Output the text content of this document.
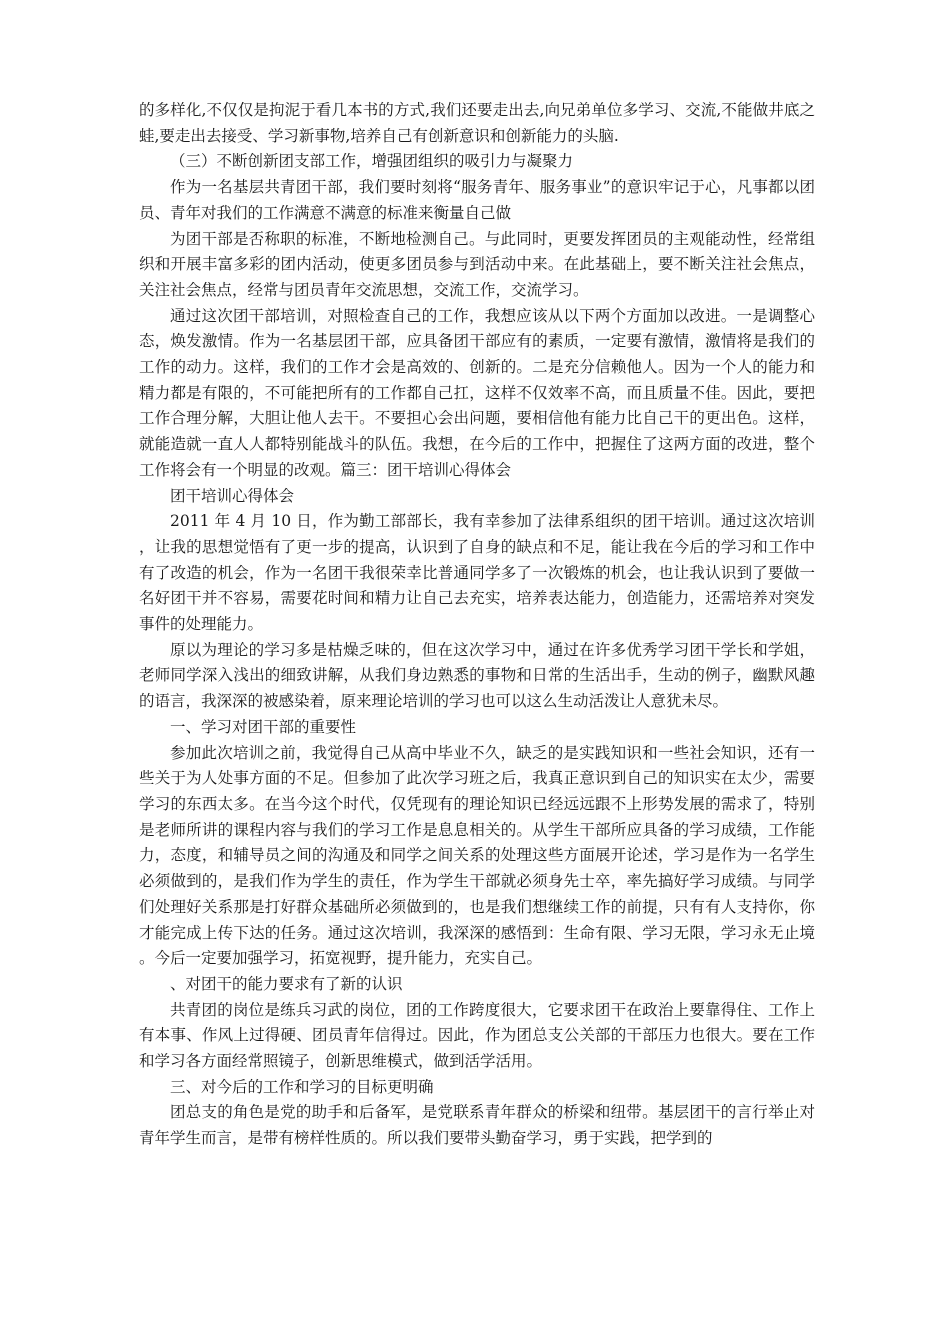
的多样化,不仅仅是拘泥于看几本书的方式,我们还要走出去,向兄弟单位多学习、交流,不能做井底之蛙,要走出去接受、学习新事物,培养自己有创新意识和创新能力的头脑.

（三）不断创新团支部工作，增强团组织的吸引力与凝聚力

作为一名基层共青团干部，我们要时刻将“服务青年、服务事业”的意识牢记于心，凡事都以团员、青年对我们的工作满意不满意的标准来衡量自己做

为团干部是否称职的标准，不断地检测自己。与此同时，更要发挥团员的主观能动性，经常组织和开展丰富多彩的团内活动，使更多团员参与到活动中来。在此基础上，要不断关注社会焦点，关注社会焦点，经常与团员青年交流思想，交流工作，交流学习。

通过这次团干部培训，对照检查自己的工作，我想应该从以下两个方面加以改进。一是调整心态，焕发激情。作为一名基层团干部，应具备团干部应有的素质，一定要有激情，激情将是我们的工作的动力。这样，我们的工作才会是高效的、创新的。二是充分信赖他人。因为一个人的能力和精力都是有限的，不可能把所有的工作都自己扛，这样不仅效率不高，而且质量不佳。因此，要把工作合理分解，大胆让他人去干。不要担心会出问题，要相信他有能力比自己干的更出色。这样，就能造就一直人人都特别能战斗的队伍。我想，在今后的工作中，把握住了这两方面的改进，整个工作将会有一个明显的改观。篇三：团干培训心得体会

团干培训心得体会

2011 年 4 月 10 日，作为勤工部部长，我有幸参加了法律系组织的团干培训。通过这次培训，让我的思想觉悟有了更一步的提高，认识到了自身的缺点和不足，能让我在今后的学习和工作中有了改造的机会，作为一名团干我很荣幸比普通同学多了一次锻炼的机会，也让我认识到了要做一名好团干并不容易，需要花时间和精力让自己去充实，培养表达能力，创造能力，还需培养对突发事件的处理能力。

原以为理论的学习多是枯燥乏味的，但在这次学习中，通过在许多优秀学习团干学长和学姐，老师同学深入浅出的细致讲解，从我们身边熟悉的事物和日常的生活出手，生动的例子，幽默风趣的语言，我深深的被感染着，原来理论培训的学习也可以这么生动活泼让人意犹未尽。

一、学习对团干部的重要性

参加此次培训之前，我觉得自己从高中毕业不久，缺乏的是实践知识和一些社会知识，还有一些关于为人处事方面的不足。但参加了此次学习班之后，我真正意识到自己的知识实在太少，需要学习的东西太多。在当今这个时代，仅凭现有的理论知识已经远远跟不上形势发展的需求了，特别是老师所讲的课程内容与我们的学习工作是息息相关的。从学生干部所应具备的学习成绩，工作能力，态度，和辅导员之间的沟通及和同学之间关系的处理这些方面展开论述，学习是作为一名学生必须做到的，是我们作为学生的责任，作为学生干部就必须身先士卒，率先搞好学习成绩。与同学们处理好关系那是打好群众基础所必须做到的，也是我们想继续工作的前提，只有有人支持你，你才能完成上传下达的任务。通过这次培训，我深深的感悟到：生命有限、学习无限，学习永无止境。今后一定要加强学习，拓宽视野，提升能力，充实自己。

、对团干的能力要求有了新的认识

共青团的岗位是练兵习武的岗位，团的工作跨度很大，它要求团干在政治上要靠得住、工作上有本事、作风上过得硬、团员青年信得过。因此，作为团总支公关部的干部压力也很大。要在工作和学习各方面经常照镜子，创新思维模式，做到活学活用。

三、对今后的工作和学习的目标更明确

团总支的角色是党的助手和后备军，是党联系青年群众的桥梁和纽带。基层团干的言行举止对青年学生而言，是带有榜样性质的。所以我们要带头勤奋学习，勇于实践，把学到的
